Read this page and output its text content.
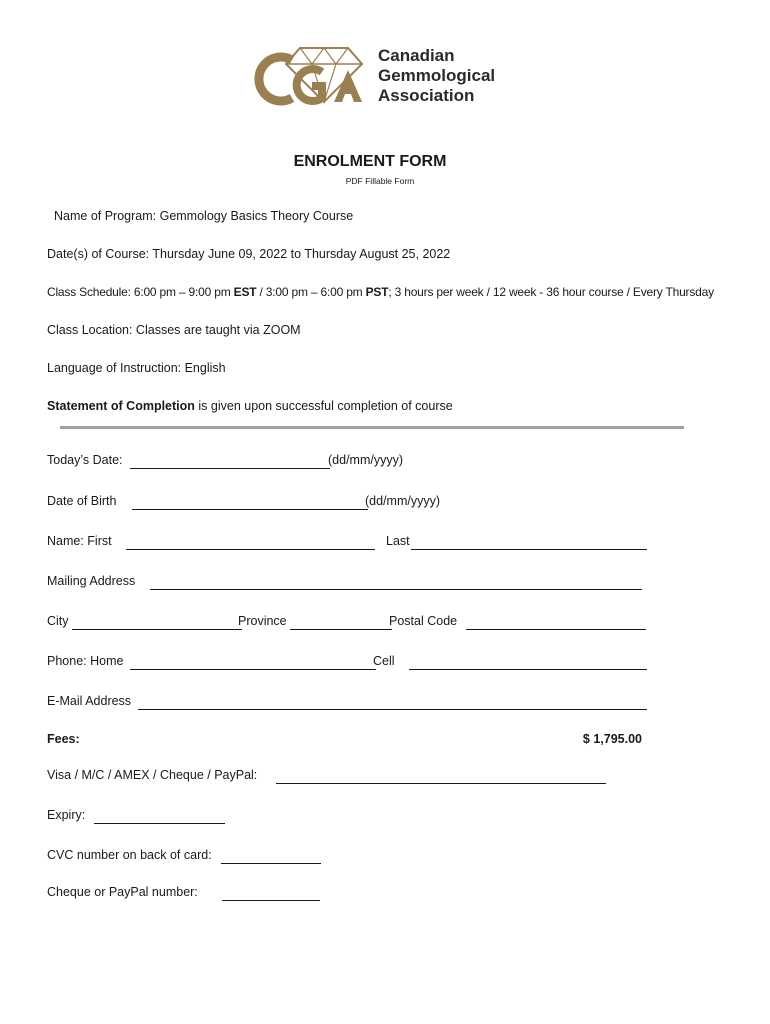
Canadian
Gemmological
Association
ENROLMENT FORM
PDF Fillable Form
Name of Program: Gemmology Basics Theory Course
Date(s) of Course: Thursday June 09, 2022 to Thursday August 25, 2022
Class Schedule: 6:00 pm – 9:00 pm EST / 3:00 pm – 6:00 pm PST; 3 hours per week / 12 week - 36 hour course / Every Thursday
Class Location: Classes are taught via ZOOM
Language of Instruction: English
Statement of Completion is given upon successful completion of course
Today’s Date:	(dd/mm/yyyy)
Date of Birth	(dd/mm/yyyy)
Name: First	Last
Mailing Address
City	Province	Postal Code
Phone: Home	Cell
E-Mail Address
Fees:	$ 1,795.00
Visa / M/C / AMEX / Cheque / PayPal:
Expiry:
CVC number on back of card:
Cheque or PayPal number:
